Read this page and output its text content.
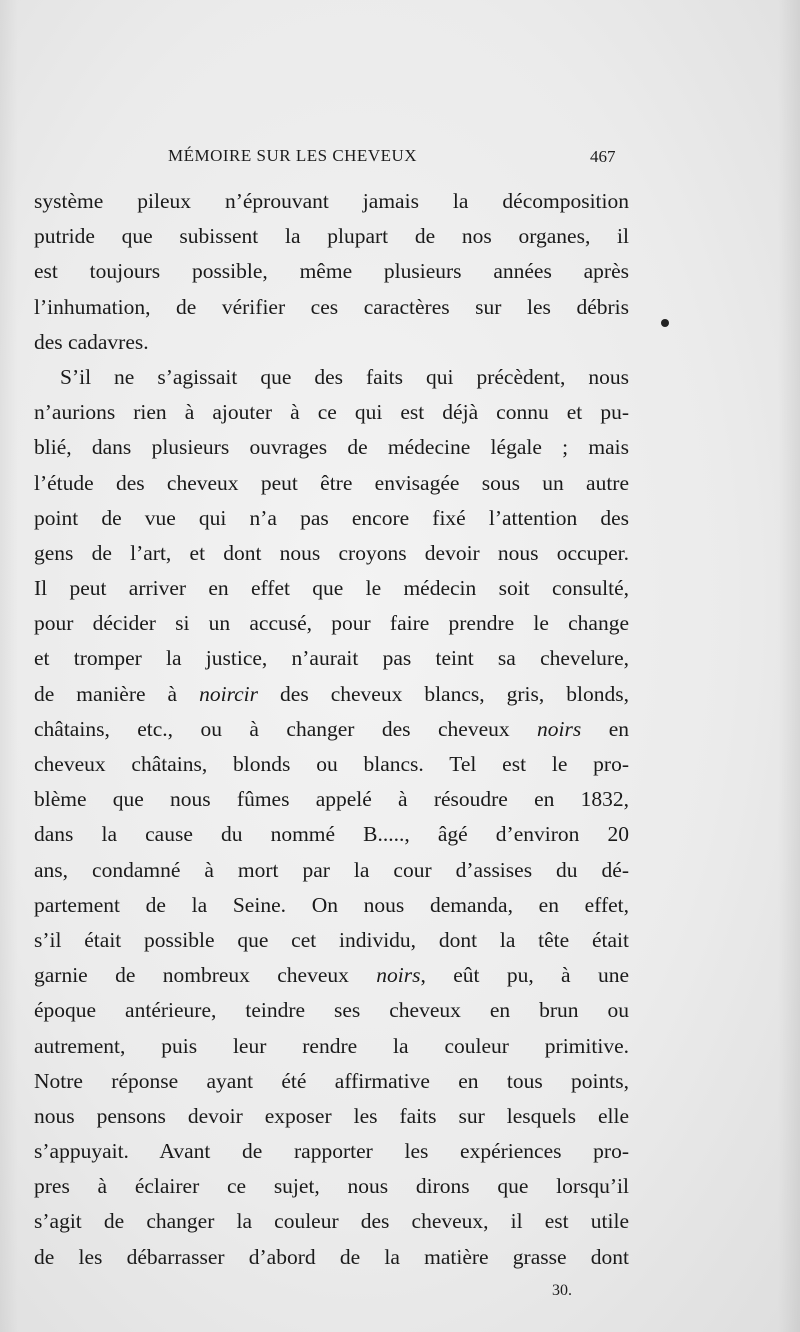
MÉMOIRE SUR LES CHEVEUX	467
système pileux n’éprouvant jamais la décomposition
putride que subissent la plupart de nos organes, il
est toujours possible, même plusieurs années après
l’inhumation, de vérifier ces caractères sur les débris
des cadavres.
S’il ne s’agissait que des faits qui précèdent, nous
n’aurions rien à ajouter à ce qui est déjà connu et pu-
blié, dans plusieurs ouvrages de médecine légale ; mais
l’étude des cheveux peut être envisagée sous un autre
point de vue qui n’a pas encore fixé l’attention des
gens de l’art, et dont nous croyons devoir nous occuper.
Il peut arriver en effet que le médecin soit consulté,
pour décider si un accusé, pour faire prendre le change
et tromper la justice, n’aurait pas teint sa chevelure,
de manière à noircir des cheveux blancs, gris, blonds,
châtains, etc., ou à changer des cheveux noirs en
cheveux châtains, blonds ou blancs. Tel est le pro-
blème que nous fûmes appelé à résoudre en 1832,
dans la cause du nommé B....., âgé d’environ 20
ans, condamné à mort par la cour d’assises du dé-
partement de la Seine. On nous demanda, en effet,
s’il était possible que cet individu, dont la tête était
garnie de nombreux cheveux noirs, eût pu, à une
époque antérieure, teindre ses cheveux en brun ou
autrement, puis leur rendre la couleur primitive.
Notre réponse ayant été affirmative en tous points,
nous pensons devoir exposer les faits sur lesquels elle
s’appuyait. Avant de rapporter les expériences pro-
pres à éclairer ce sujet, nous dirons que lorsqu’il
s’agit de changer la couleur des cheveux, il est utile
de les débarrasser d’abord de la matière grasse dont
30.
